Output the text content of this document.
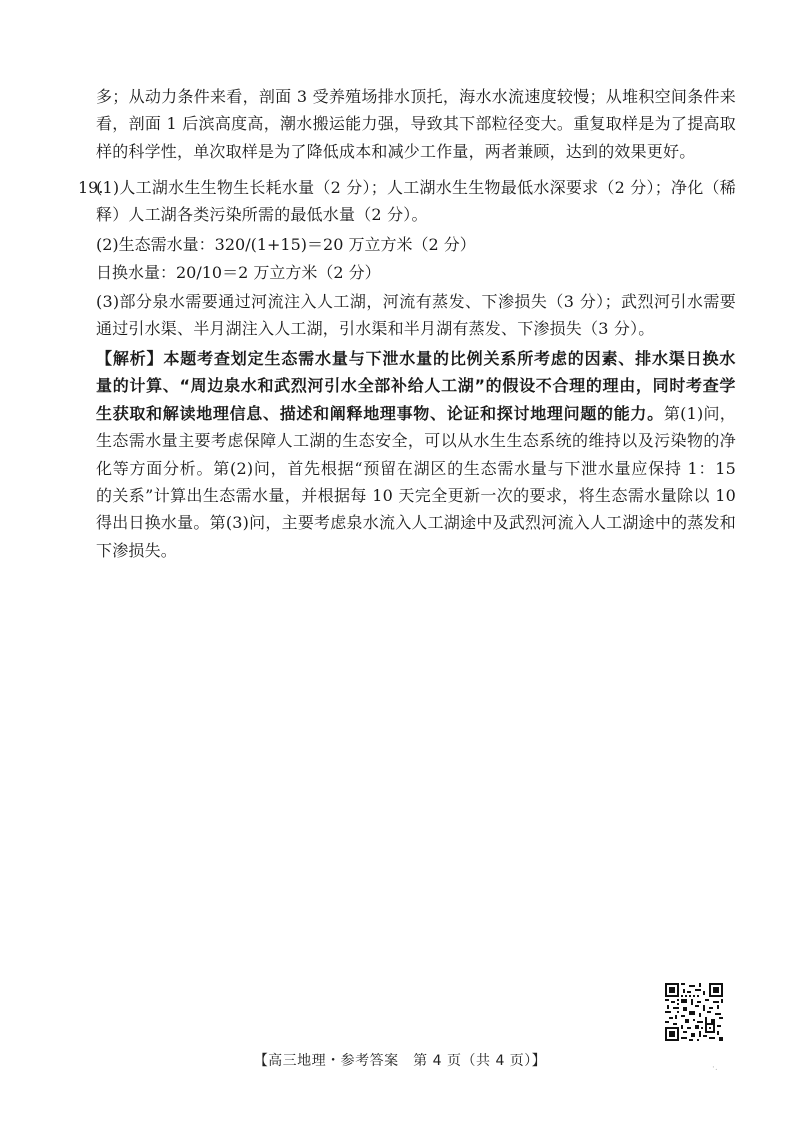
多；从动力条件来看，剖面 3 受养殖场排水顶托，海水水流速度较慢；从堆积空间条件来看，剖面 1 后滨高度高，潮水搬运能力强，导致其下部粒径变大。重复取样是为了提高取样的科学性，单次取样是为了降低成本和减少工作量，两者兼顾，达到的效果更好。
19.
(1)人工湖水生生物生长耗水量（2 分）；人工湖水生生物最低水深要求（2 分）；净化（稀释）人工湖各类污染所需的最低水量（2 分）。
(2)生态需水量：320/(1+15)＝20 万立方米（2 分）
日换水量：20/10＝2 万立方米（2 分）
(3)部分泉水需要通过河流注入人工湖，河流有蒸发、下渗损失（3 分）；武烈河引水需要通过引水渠、半月湖注入人工湖，引水渠和半月湖有蒸发、下渗损失（3 分）。
【解析】本题考查划定生态需水量与下泄水量的比例关系所考虑的因素、排水渠日换水量的计算、“周边泉水和武烈河引水全部补给人工湖”的假设不合理的理由，同时考查学生获取和解读地理信息、描述和阐释地理事物、论证和探讨地理问题的能力。第(1)问，生态需水量主要考虑保障人工湖的生态安全，可以从水生生态系统的维持以及污染物的净化等方面分析。第(2)问，首先根据“预留在湖区的生态需水量与下泄水量应保持 1：15 的关系”计算出生态需水量，并根据每 10 天完全更新一次的要求，将生态需水量除以 10 得出日换水量。第(3)问，主要考虑泉水流入人工湖途中及武烈河流入人工湖途中的蒸发和下渗损失。
【高三地理・参考答案　第 4 页（共 4 页）】	·.
